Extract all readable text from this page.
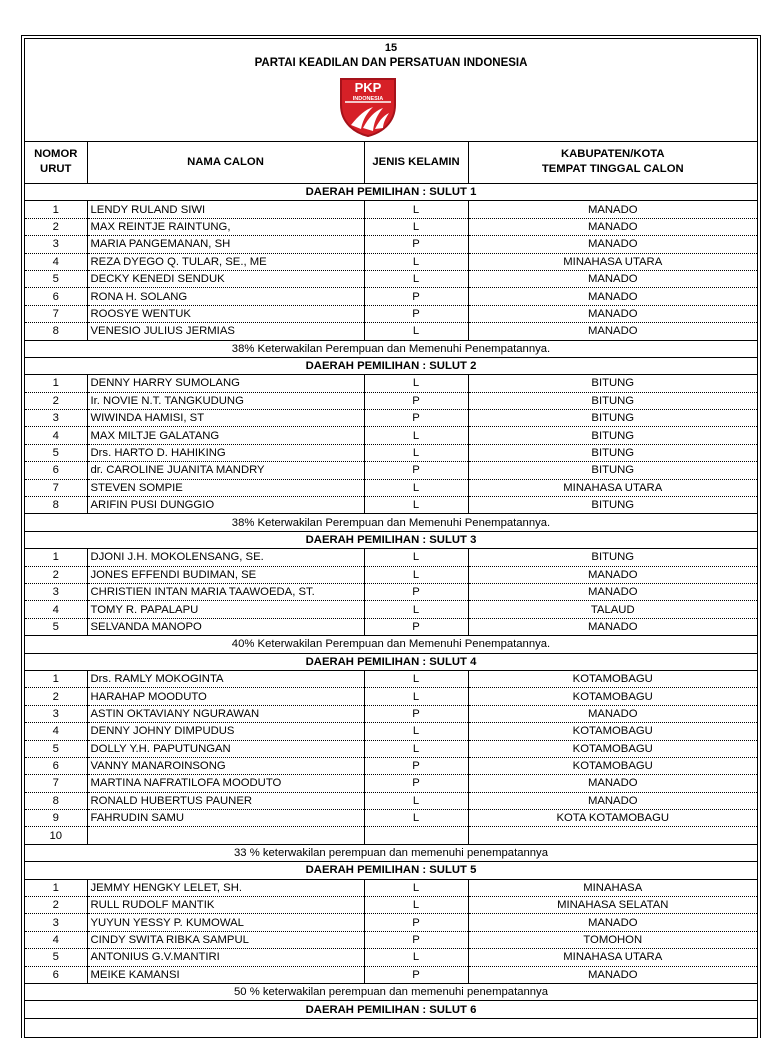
15
PARTAI KEADILAN DAN PERSATUAN INDONESIA
PKP
INDONESIA
NOMOR URUT	NAMA CALON	JENIS KELAMIN	KABUPATEN/KOTA
TEMPAT TINGGAL CALON

DAERAH PEMILIHAN : SULUT 1			
1	LENDY RULAND SIWI	L	MANADO
2	MAX REINTJE RAINTUNG,	L	MANADO
3	MARIA PANGEMANAN, SH	P	MANADO
4	REZA DYEGO Q. TULAR, SE., ME	L	MINAHASA UTARA
5	DECKY KENEDI SENDUK	L	MANADO
6	RONA H. SOLANG	P	MANADO
7	ROOSYE WENTUK	P	MANADO
8	VENESIO JULIUS JERMIAS	L	MANADO
38% Keterwakilan Perempuan dan Memenuhi Penempatannya.			
DAERAH PEMILIHAN : SULUT 2			
1	DENNY HARRY SUMOLANG	L	BITUNG
2	Ir. NOVIE N.T. TANGKUDUNG	P	BITUNG
3	WIWINDA HAMISI, ST	P	BITUNG
4	MAX MILTJE GALATANG	L	BITUNG
5	Drs. HARTO D. HAHIKING	L	BITUNG
6	dr. CAROLINE JUANITA MANDRY	P	BITUNG
7	STEVEN SOMPIE	L	MINAHASA UTARA
8	ARIFIN PUSI DUNGGIO	L	BITUNG
38% Keterwakilan Perempuan dan Memenuhi Penempatannya.			
DAERAH PEMILIHAN : SULUT 3			
1	DJONI J.H. MOKOLENSANG, SE.	L	BITUNG
2	JONES EFFENDI BUDIMAN, SE	L	MANADO
3	CHRISTIEN INTAN MARIA TAAWOEDA, ST.	P	MANADO
4	TOMY R. PAPALAPU	L	TALAUD
5	SELVANDA MANOPO	P	MANADO
40% Keterwakilan Perempuan dan Memenuhi Penempatannya.			
DAERAH PEMILIHAN : SULUT 4			
1	Drs. RAMLY MOKOGINTA	L	KOTAMOBAGU
2	HARAHAP MOODUTO	L	KOTAMOBAGU
3	ASTIN OKTAVIANY NGURAWAN	P	MANADO
4	DENNY JOHNY DIMPUDUS	L	KOTAMOBAGU
5	DOLLY Y.H. PAPUTUNGAN	L	KOTAMOBAGU
6	VANNY MANAROINSONG	P	KOTAMOBAGU
7	MARTINA NAFRATILOFA MOODUTO	P	MANADO
8	RONALD HUBERTUS PAUNER	L	MANADO
9	FAHRUDIN SAMU	L	KOTA KOTAMOBAGU
10			
33 % keterwakilan perempuan dan memenuhi penempatannya			
DAERAH PEMILIHAN : SULUT 5			
1	JEMMY HENGKY LELET, SH.	L	MINAHASA
2	RULL RUDOLF MANTIK	L	MINAHASA SELATAN
3	YUYUN YESSY P. KUMOWAL	P	MANADO
4	CINDY SWITA RIBKA SAMPUL	P	TOMOHON
5	ANTONIUS G.V.MANTIRI	L	MINAHASA UTARA
6	MEIKE KAMANSI	P	MANADO
50 % keterwakilan perempuan dan memenuhi penempatannya			
DAERAH PEMILIHAN : SULUT 6			
